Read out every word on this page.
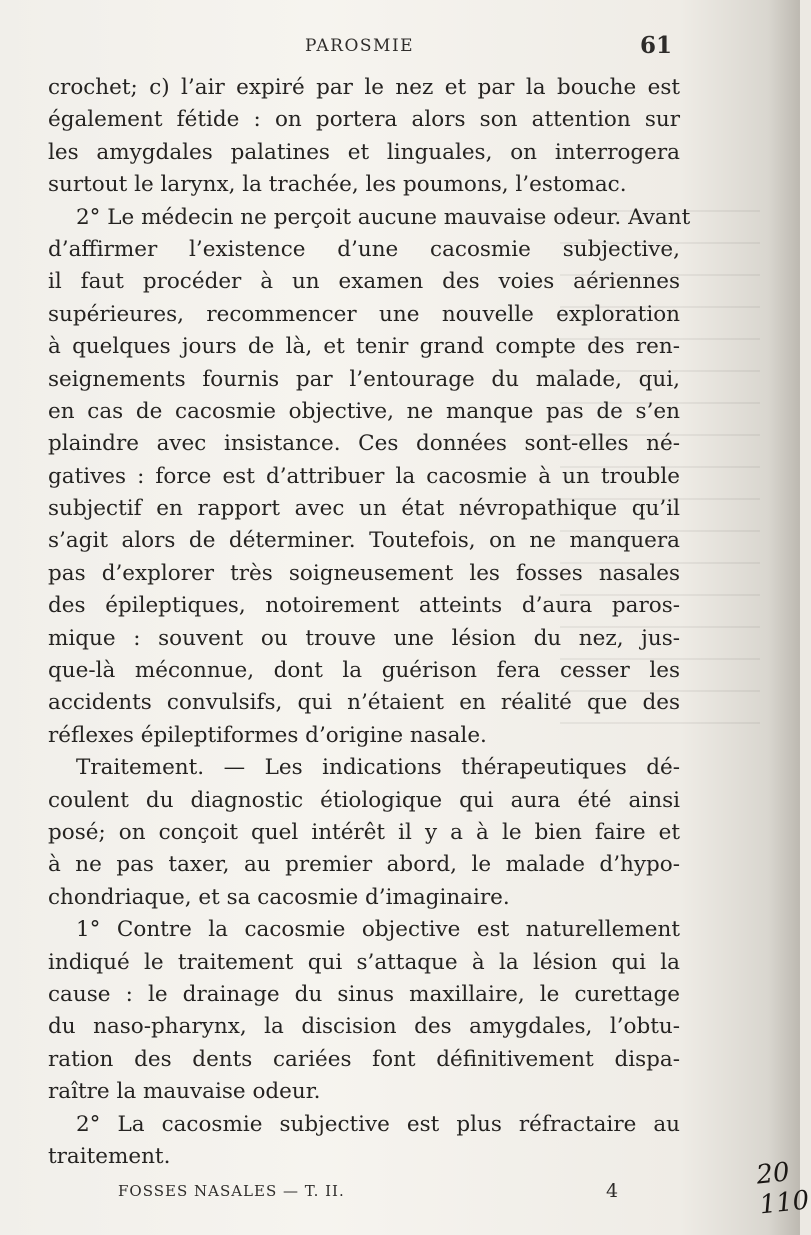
PAROSMIE	61
crochet; c) l’air expiré par le nez et par la bouche est
également fétide : on portera alors son attention sur
les amygdales palatines et linguales, on interrogera
surtout le larynx, la trachée, les poumons, l’estomac.
2° Le médecin ne perçoit aucune mauvaise odeur. Avant
d’affirmer l’existence d’une cacosmie subjective,
il faut procéder à un examen des voies aériennes
supérieures, recommencer une nouvelle exploration
à quelques jours de là, et tenir grand compte des ren-
seignements fournis par l’entourage du malade, qui,
en cas de cacosmie objective, ne manque pas de s’en
plaindre avec insistance. Ces données sont-elles né-
gatives : force est d’attribuer la cacosmie à un trouble
subjectif en rapport avec un état névropathique qu’il
s’agit alors de déterminer. Toutefois, on ne manquera
pas d’explorer très soigneusement les fosses nasales
des épileptiques, notoirement atteints d’aura paros-
mique : souvent ou trouve une lésion du nez, jus-
que-là méconnue, dont la guérison fera cesser les
accidents convulsifs, qui n’étaient en réalité que des
réflexes épileptiformes d’origine nasale.
Traitement. — Les indications thérapeutiques dé-
coulent du diagnostic étiologique qui aura été ainsi
posé; on conçoit quel intérêt il y a à le bien faire et
à ne pas taxer, au premier abord, le malade d’hypo-
chondriaque, et sa cacosmie d’imaginaire.
1° Contre la cacosmie objective est naturellement
indiqué le traitement qui s’attaque à la lésion qui la
cause : le drainage du sinus maxillaire, le curettage
du naso-pharynx, la discision des amygdales, l’obtu-
ration des dents cariées font définitivement dispa-
raître la mauvaise odeur.
2° La cacosmie subjective est plus réfractaire au
traitement.
FOSSES NASALES — T. II.	4
20
110
